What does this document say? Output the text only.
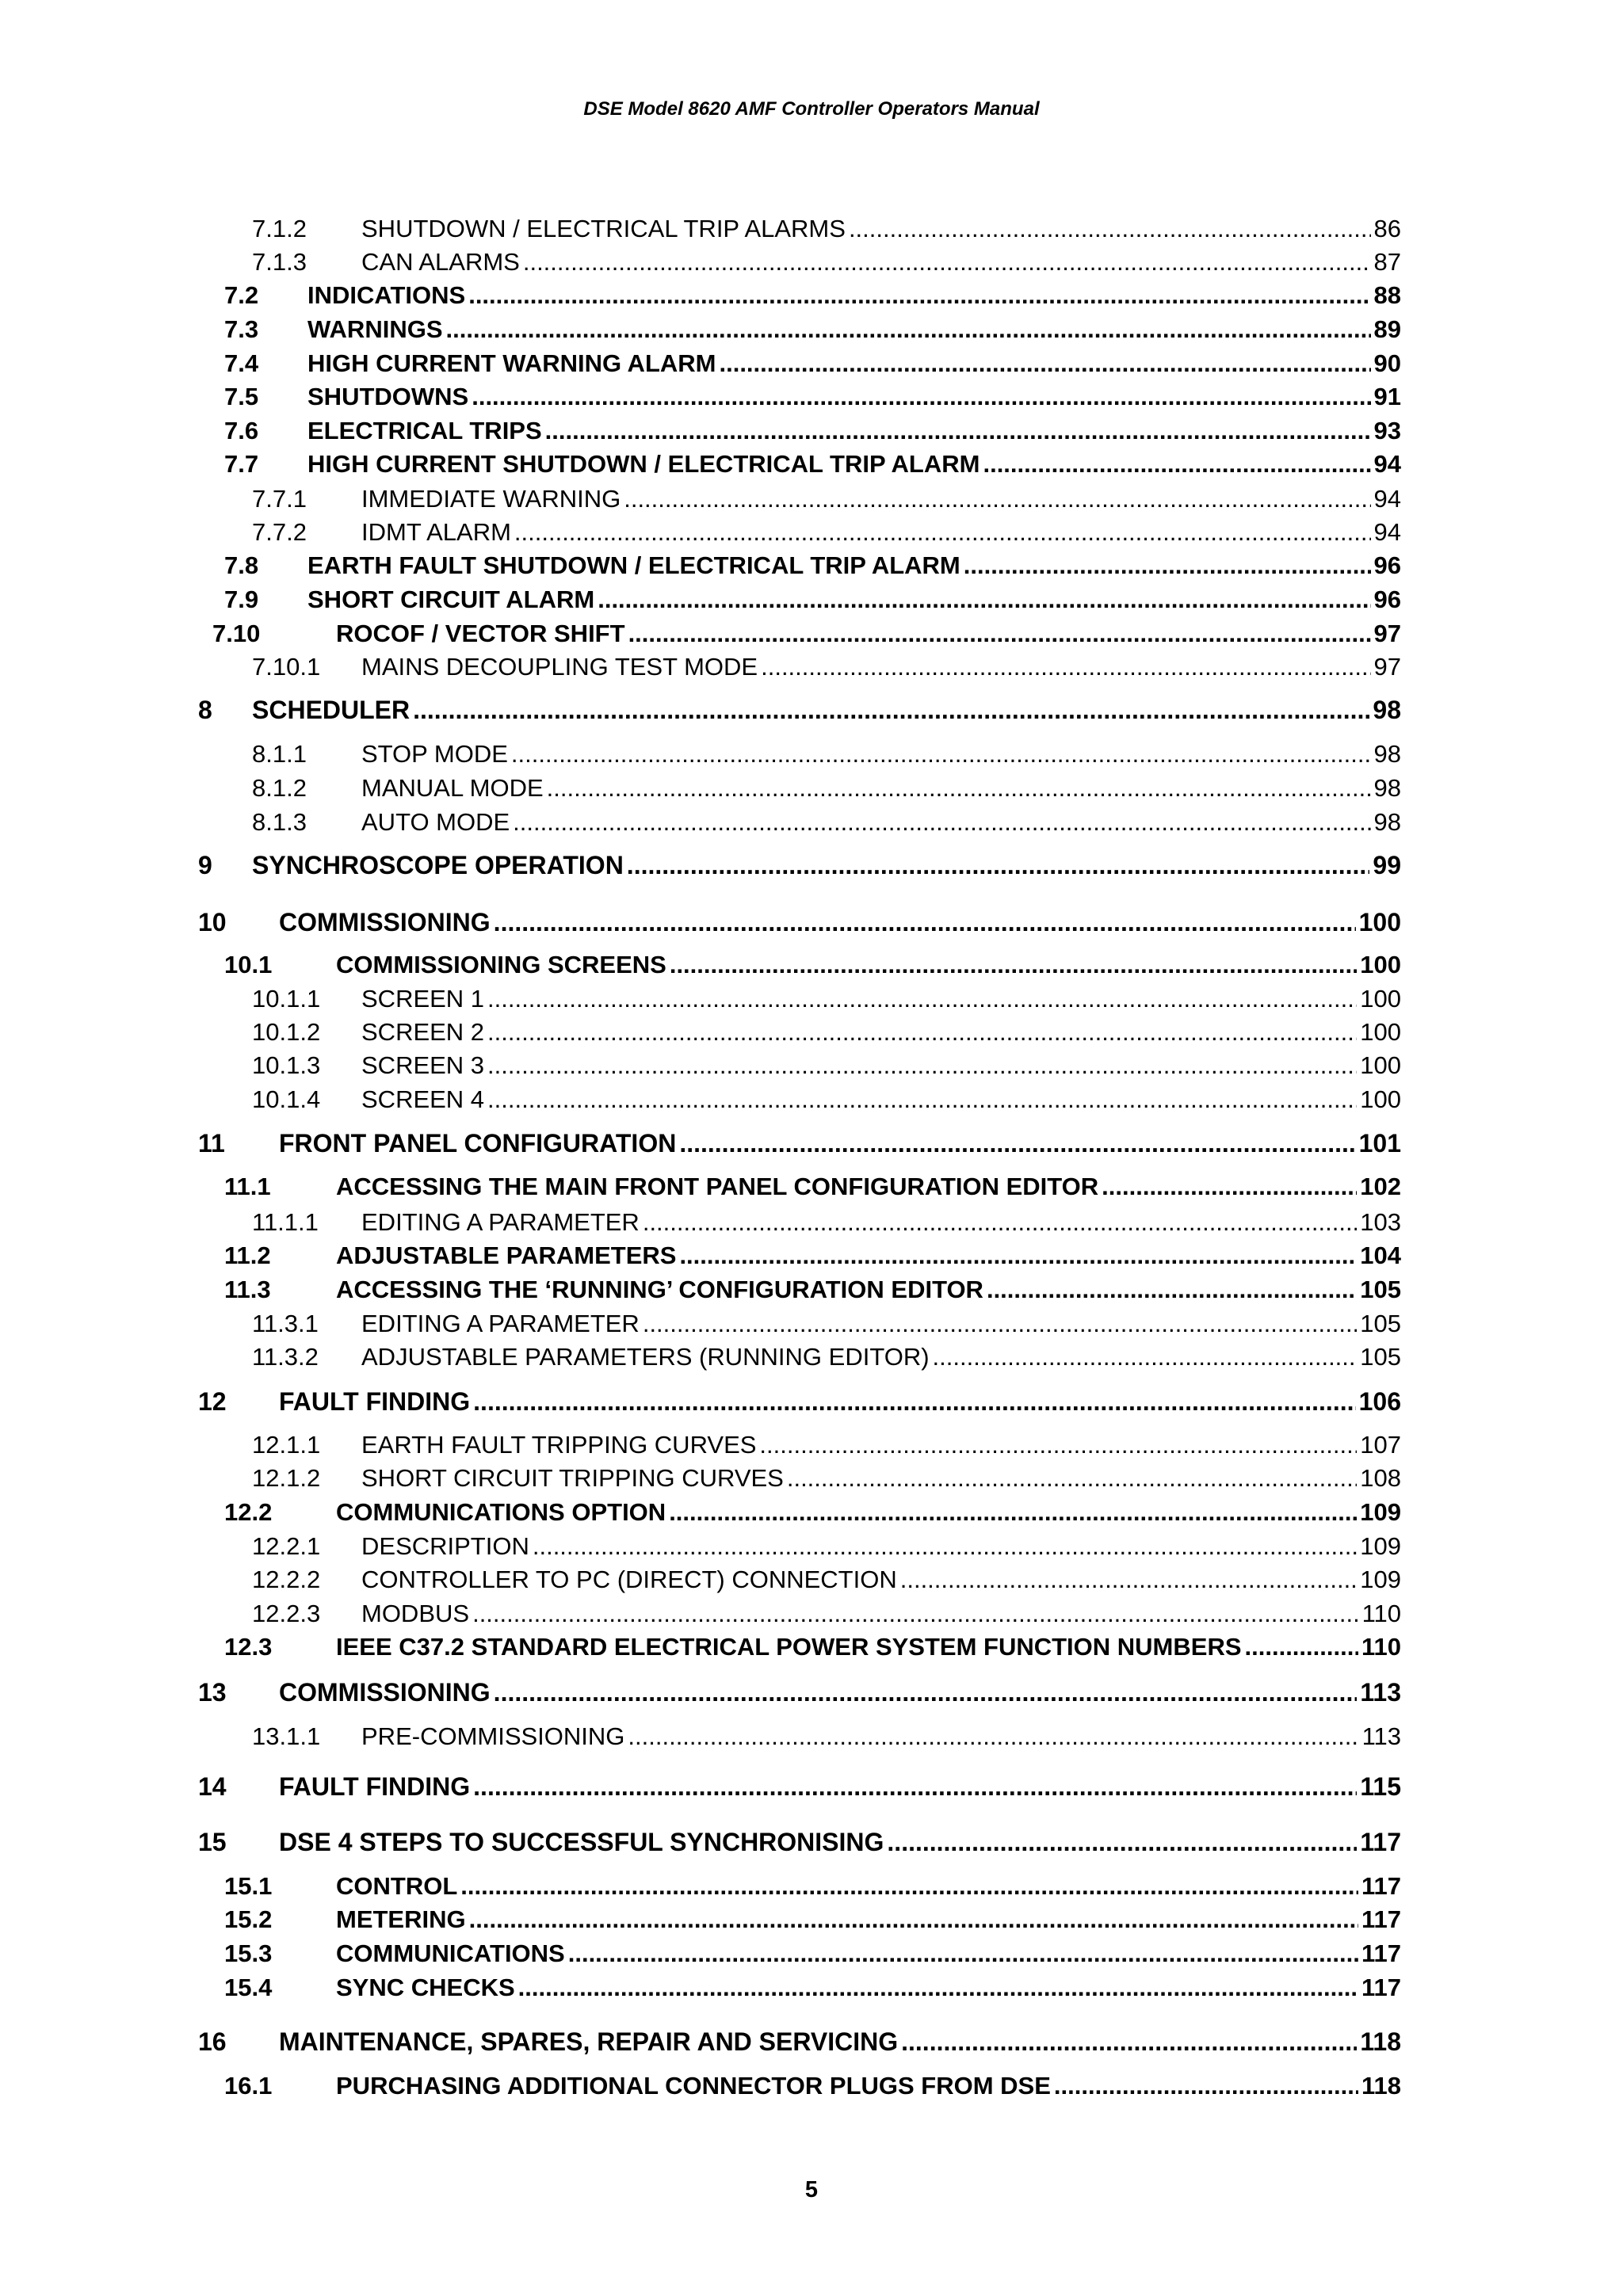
DSE Model 8620 AMF Controller Operators Manual
7.1.2 SHUTDOWN / ELECTRICAL TRIP ALARMS .....	86
7.1.3 CAN ALARMS .....	87
7.2 INDICATIONS .....	88
7.3 WARNINGS .....	89
7.4 HIGH CURRENT WARNING ALARM .....	90
7.5 SHUTDOWNS .....	91
7.6 ELECTRICAL TRIPS .....	93
7.7 HIGH CURRENT SHUTDOWN / ELECTRICAL TRIP ALARM .....	94
7.7.1 IMMEDIATE WARNING .....	94
7.7.2 IDMT ALARM .....	94
7.8 EARTH FAULT SHUTDOWN / ELECTRICAL TRIP ALARM .....	96
7.9 SHORT CIRCUIT ALARM .....	96
7.10	ROCOF / VECTOR SHIFT .....	97
7.10.1 MAINS DECOUPLING TEST MODE .....	97
8 SCHEDULER .....	98
8.1.1 STOP MODE .....	98
8.1.2 MANUAL MODE .....	98
8.1.3 AUTO MODE .....	98
9 SYNCHROSCOPE OPERATION .....	99
10 COMMISSIONING .....	100
10.1	COMMISSIONING SCREENS .....	100
10.1.1 SCREEN 1 .....	100
10.1.2 SCREEN 2 .....	100
10.1.3 SCREEN 3 .....	100
10.1.4 SCREEN 4 .....	100
11 FRONT PANEL CONFIGURATION .....	101
11.1	ACCESSING THE MAIN FRONT PANEL CONFIGURATION EDITOR .....	102
11.1.1 EDITING A PARAMETER .....	103
11.2	ADJUSTABLE PARAMETERS .....	104
11.3	ACCESSING THE ‘RUNNING’ CONFIGURATION EDITOR .....	105
11.3.1 EDITING A PARAMETER .....	105
11.3.2 ADJUSTABLE PARAMETERS (RUNNING EDITOR) .....	105
12 FAULT FINDING .....	106
12.1.1 EARTH FAULT TRIPPING CURVES .....	107
12.1.2 SHORT CIRCUIT TRIPPING CURVES .....	108
12.2	COMMUNICATIONS OPTION .....	109
12.2.1 DESCRIPTION .....	109
12.2.2 CONTROLLER TO PC (DIRECT) CONNECTION .....	109
12.2.3 MODBUS .....	110
12.3	IEEE C37.2 STANDARD ELECTRICAL POWER SYSTEM FUNCTION NUMBERS .....	110
13 COMMISSIONING .....	113
13.1.1 PRE-COMMISSIONING .....	113
14 FAULT FINDING .....	115
15 DSE 4 STEPS TO SUCCESSFUL SYNCHRONISING .....	117
15.1	CONTROL .....	117
15.2	METERING .....	117
15.3	COMMUNICATIONS .....	117
15.4	SYNC CHECKS .....	117
16 MAINTENANCE, SPARES, REPAIR AND SERVICING .....	118
16.1	PURCHASING ADDITIONAL CONNECTOR PLUGS FROM DSE .....	118
5
